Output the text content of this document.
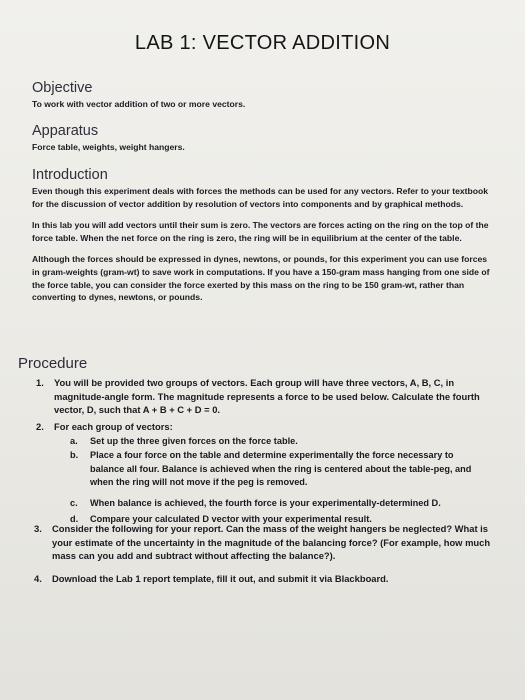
LAB 1: VECTOR ADDITION
Objective
To work with vector addition of two or more vectors.
Apparatus
Force table, weights, weight hangers.
Introduction
Even though this experiment deals with forces the methods can be used for any vectors. Refer to your textbook for the discussion of vector addition by resolution of vectors into components and by graphical methods.
In this lab you will add vectors until their sum is zero. The vectors are forces acting on the ring on the top of the force table. When the net force on the ring is zero, the ring will be in equilibrium at the center of the table.
Although the forces should be expressed in dynes, newtons, or pounds, for this experiment you can use forces in gram-weights (gram-wt) to save work in computations. If you have a 150-gram mass hanging from one side of the force table, you can consider the force exerted by this mass on the ring to be 150 gram-wt, rather than converting to dynes, newtons, or pounds.
Procedure
1. You will be provided two groups of vectors. Each group will have three vectors, A, B, C, in magnitude-angle form. The magnitude represents a force to be used below. Calculate the fourth vector, D, such that A + B + C + D = 0.
2. For each group of vectors:
a. Set up the three given forces on the force table.
b. Place a four force on the table and determine experimentally the force necessary to balance all four. Balance is achieved when the ring is centered about the table-peg, and when the ring will not move if the peg is removed.
c. When balance is achieved, the fourth force is your experimentally-determined D.
d. Compare your calculated D vector with your experimental result.
3. Consider the following for your report. Can the mass of the weight hangers be neglected? What is your estimate of the uncertainty in the magnitude of the balancing force? (For example, how much mass can you add and subtract without affecting the balance?).
4. Download the Lab 1 report template, fill it out, and submit it via Blackboard.
